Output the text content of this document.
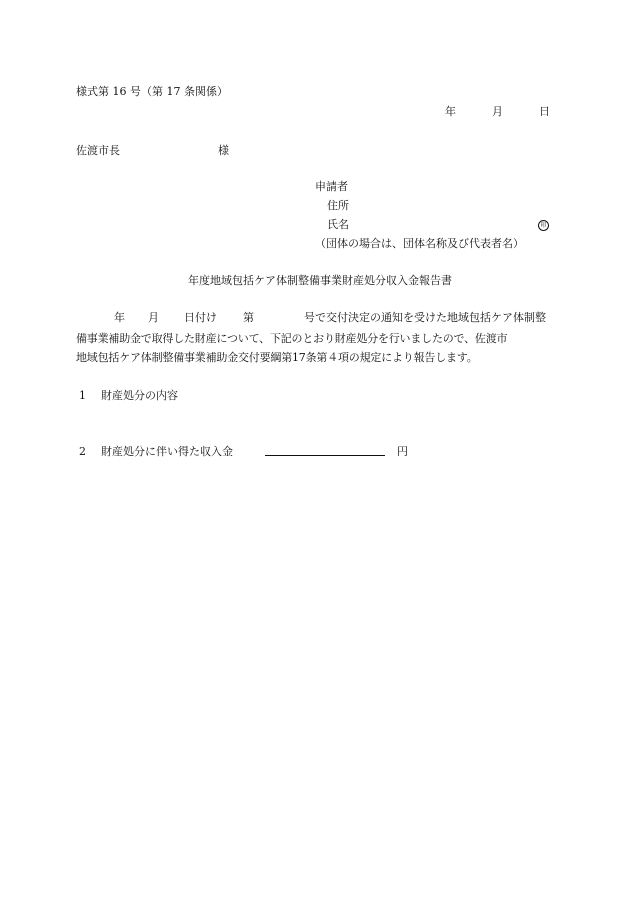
様式第 16 号（第 17 条関係）
年	月	日
佐渡市長	様
申請者
住所
氏名	印
（団体の場合は、団体名称及び代表者名）
年度地域包括ケア体制整備事業財産処分収入金報告書
年 月 日付け 第	号で交付決定の通知を受けた地域包括ケア体制整
備事業補助金で取得した財産について、下記のとおり財産処分を行いましたので、佐渡市
地域包括ケア体制整備事業補助金交付要綱第17条第４項の規定により報告します。
1 財産処分の内容
2 財産処分に伴い得た収入金	円
